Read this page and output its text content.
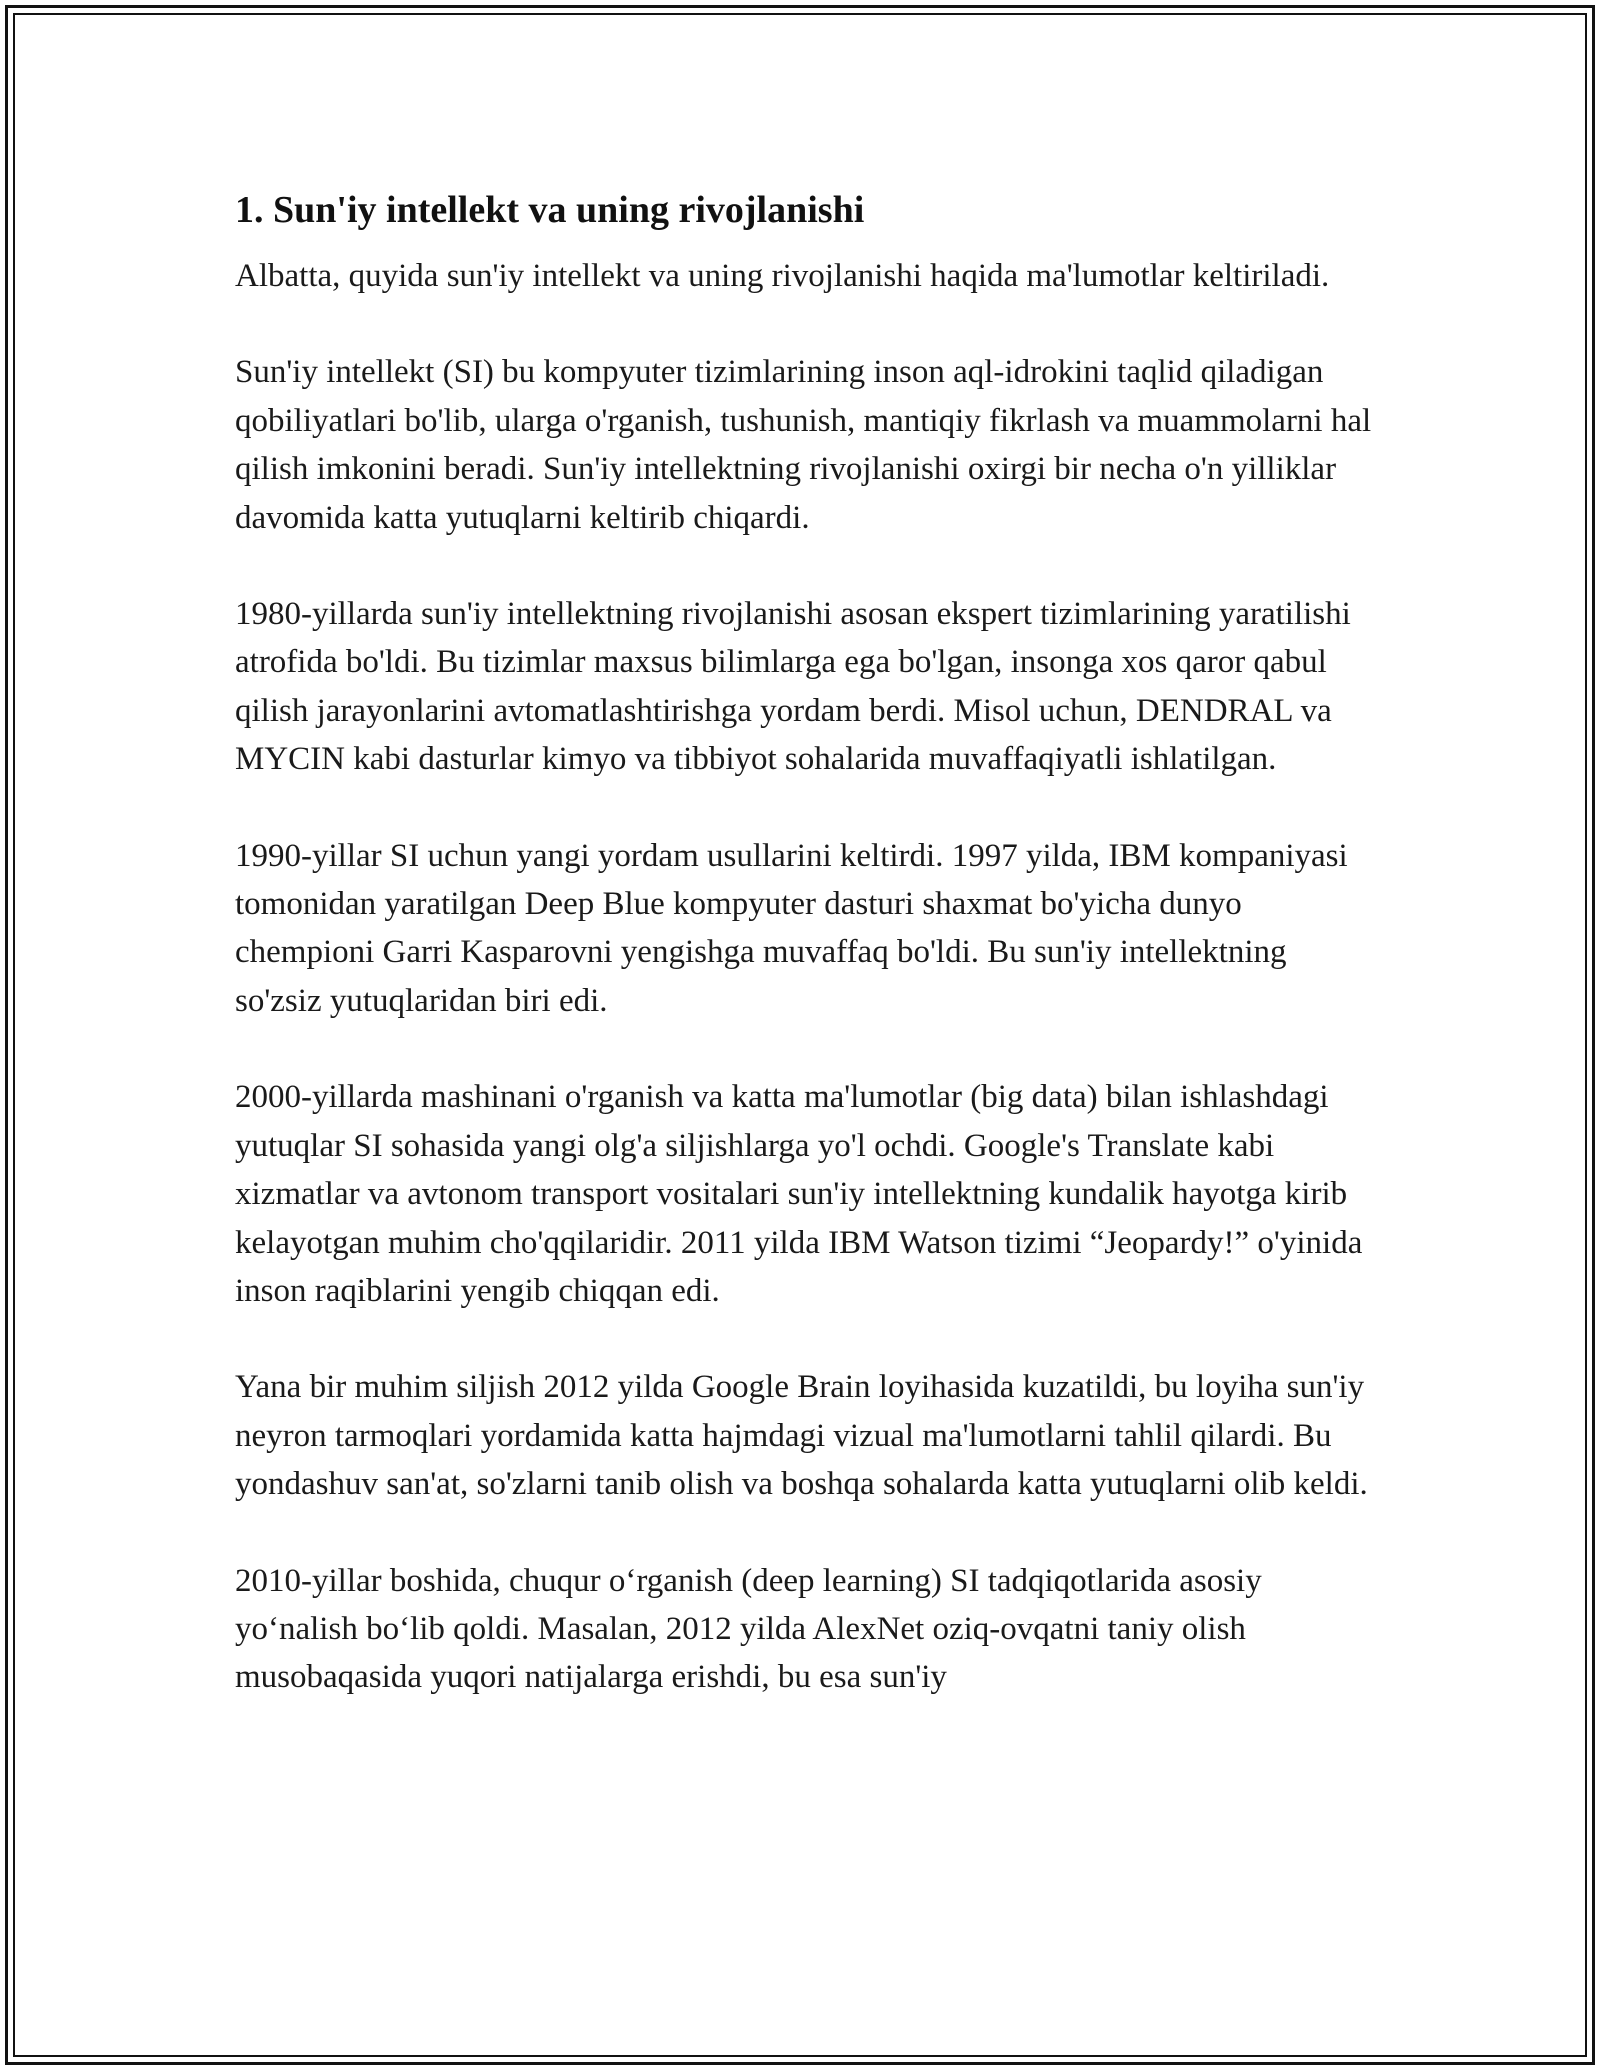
1. Sun'iy intellekt va uning rivojlanishi

Albatta, quyida sun'iy intellekt va uning rivojlanishi haqida ma'lumotlar keltiriladi.

Sun'iy intellekt (SI) bu kompyuter tizimlarining inson aql-idrokini taqlid qiladigan qobiliyatlari bo'lib, ularga o'rganish, tushunish, mantiqiy fikrlash va muammolarni hal qilish imkonini beradi. Sun'iy intellektning rivojlanishi oxirgi bir necha o'n yilliklar davomida katta yutuqlarni keltirib chiqardi.

1980-yillarda sun'iy intellektning rivojlanishi asosan ekspert tizimlarining yaratilishi atrofida bo'ldi. Bu tizimlar maxsus bilimlarga ega bo'lgan, insonga xos qaror qabul qilish jarayonlarini avtomatlashtirishga yordam berdi. Misol uchun, DENDRAL va MYCIN kabi dasturlar kimyo va tibbiyot sohalarida muvaffaqiyatli ishlatilgan.

1990-yillar SI uchun yangi yordam usullarini keltirdi. 1997 yilda, IBM kompaniyasi tomonidan yaratilgan Deep Blue kompyuter dasturi shaxmat bo'yicha dunyo chempioni Garri Kasparovni yengishga muvaffaq bo'ldi. Bu sun'iy intellektning so'zsiz yutuqlaridan biri edi.

2000-yillarda mashinani o'rganish va katta ma'lumotlar (big data) bilan ishlashdagi yutuqlar SI sohasida yangi olg'a siljishlarga yo'l ochdi. Google's Translate kabi xizmatlar va avtonom transport vositalari sun'iy intellektning kundalik hayotga kirib kelayotgan muhim cho'qqilaridir. 2011 yilda IBM Watson tizimi “Jeopardy!” o'yinida inson raqiblarini yengib chiqqan edi.

Yana bir muhim siljish 2012 yilda Google Brain loyihasida kuzatildi, bu loyiha sun'iy neyron tarmoqlari yordamida katta hajmdagi vizual ma'lumotlarni tahlil qilardi. Bu yondashuv san'at, so'zlarni tanib olish va boshqa sohalarda katta yutuqlarni olib keldi.

2010-yillar boshida, chuqur o‘rganish (deep learning) SI tadqiqotlarida asosiy yo‘nalish bo‘lib qoldi. Masalan, 2012 yilda AlexNet oziq-ovqatni taniy olish musobaqasida yuqori natijalarga erishdi, bu esa sun'iy
